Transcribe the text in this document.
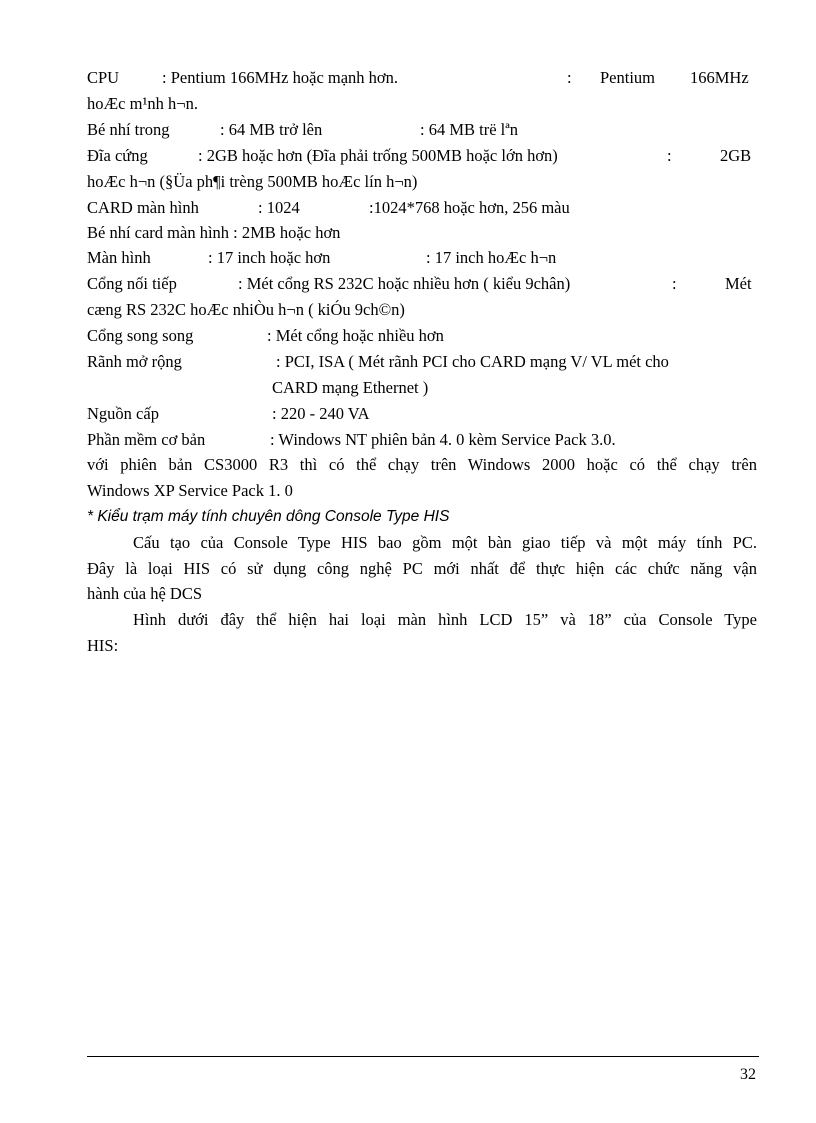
CPU	: Pentium 166MHz hoặc mạnh hơn.	: Pentium 166MHz
hoÆc m¹nh h¬n.
Bé nhí trong	: 64 MB trở lên	: 64 MB trë lªn
Đĩa cứng	: 2GB hoặc hơn (Đĩa phải trống 500MB hoặc lớn hơn)	:	2GB
hoÆc h¬n (§Üa ph¶i trèng 500MB hoÆc lín h¬n)
CARD màn hình	: 1024	:1024*768 hoặc hơn, 256 màu
Bé nhí card màn hình : 2MB hoặc hơn
Màn hình	: 17 inch hoặc hơn	: 17 inch hoÆc h¬n
Cổng nối tiếp	: Mét cổng RS 232C hoặc nhiều hơn ( kiểu 9chân)	:	Mét
cæng RS 232C hoÆc nhiÒu h¬n ( kiÓu 9ch©n)
Cổng song song	: Mét cổng hoặc nhiều hơn
Rãnh mở rộng	: PCI, ISA ( Mét rãnh PCI cho CARD mạng V/ VL mét cho
CARD mạng Ethernet )
Nguồn cấp	: 220 - 240 VA
Phần mềm cơ bản	: Windows NT phiên bản 4. 0 kèm Service Pack 3.0.
với phiên bản CS3000 R3 thì có thể chạy trên Windows 2000 hoặc có thể chạy trên
Windows XP Service Pack 1. 0
* Kiểu trạm máy tính chuyên dông Console Type HIS
Cấu tạo của Console Type HIS bao gồm một bàn giao tiếp và một máy tính PC.
Đây là loại HIS có sử dụng công nghệ PC mới nhất để thực hiện các chức năng vận
hành của hệ DCS
Hình dưới đây thể hiện hai loại màn hình LCD 15” và 18” của Console Type
HIS:
32
